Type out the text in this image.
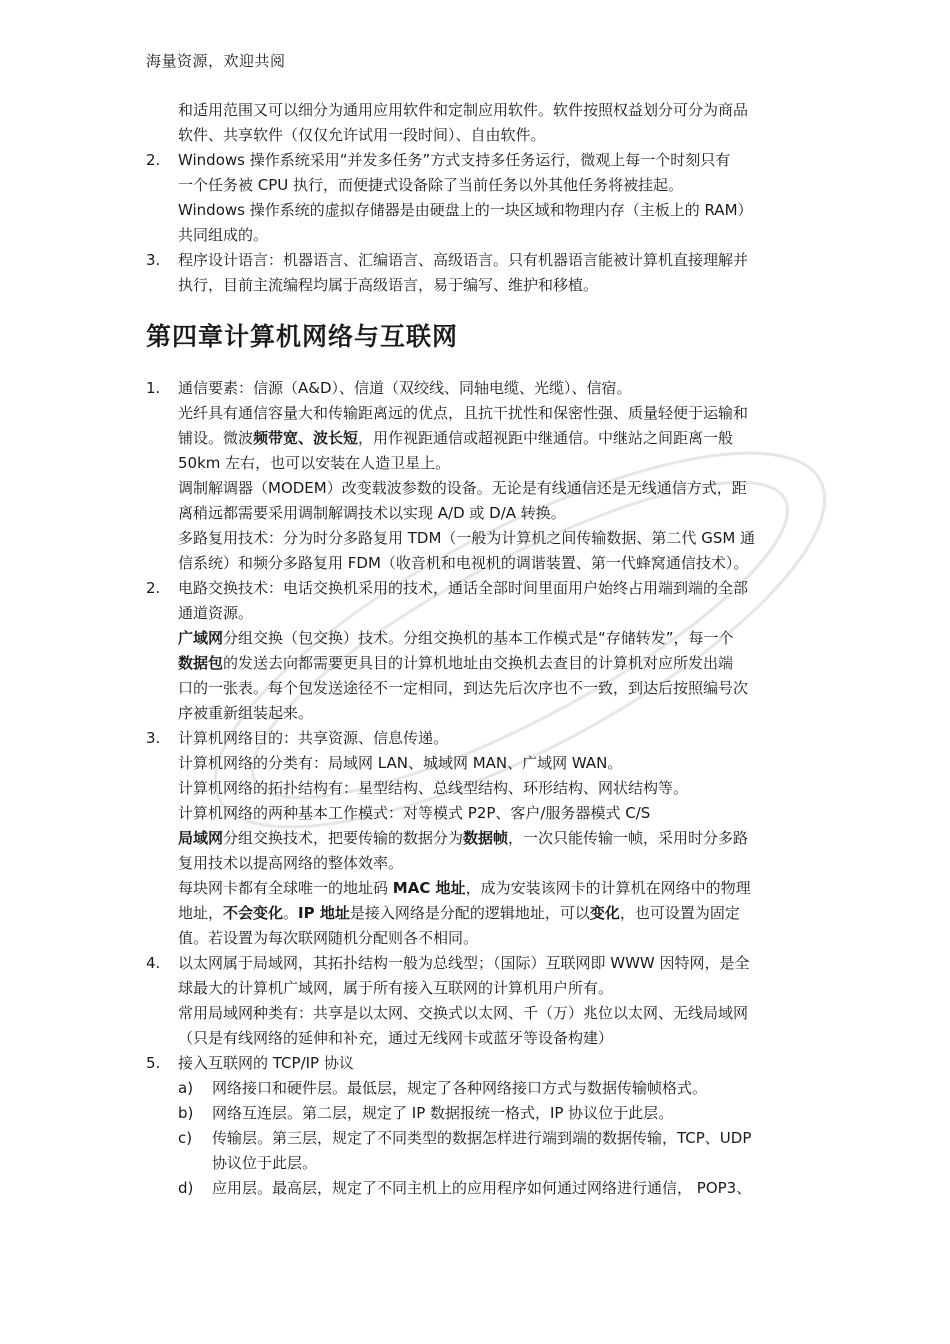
海量资源，欢迎共阅
和适用范围又可以细分为通用应用软件和定制应用软件。软件按照权益划分可分为商品
软件、共享软件（仅仅允许试用一段时间）、自由软件。
2. Windows 操作系统采用“并发多任务”方式支持多任务运行，微观上每一个时刻只有
一个任务被 CPU 执行，而便捷式设备除了当前任务以外其他任务将被挂起。
Windows 操作系统的虚拟存储器是由硬盘上的一块区域和物理内存（主板上的 RAM）
共同组成的。
3. 程序设计语言：机器语言、汇编语言、高级语言。只有机器语言能被计算机直接理解并
执行，目前主流编程均属于高级语言，易于编写、维护和移植。
第四章计算机网络与互联网
1. 通信要素：信源（A&D）、信道（双绞线、同轴电缆、光缆）、信宿。
光纤具有通信容量大和传输距离远的优点，且抗干扰性和保密性强、质量轻便于运输和
铺设。微波频带宽、波长短，用作视距通信或超视距中继通信。中继站之间距离一般
50km 左右，也可以安装在人造卫星上。
调制解调器（MODEM）改变载波参数的设备。无论是有线通信还是无线通信方式，距
离稍远都需要采用调制解调技术以实现 A/D 或 D/A 转换。
多路复用技术：分为时分多路复用 TDM（一般为计算机之间传输数据、第二代 GSM 通
信系统）和频分多路复用 FDM（收音机和电视机的调谐装置、第一代蜂窝通信技术）。
2. 电路交换技术：电话交换机采用的技术，通话全部时间里面用户始终占用端到端的全部
通道资源。
广域网分组交换（包交换）技术。分组交换机的基本工作模式是“存储转发”，每一个
数据包的发送去向都需要更具目的计算机地址由交换机去查目的计算机对应所发出端
口的一张表。每个包发送途径不一定相同，到达先后次序也不一致，到达后按照编号次
序被重新组装起来。
3. 计算机网络目的：共享资源、信息传递。
计算机网络的分类有：局域网 LAN、城域网 MAN、广域网 WAN。
计算机网络的拓扑结构有：星型结构、总线型结构、环形结构、网状结构等。
计算机网络的两种基本工作模式：对等模式 P2P、客户/服务器模式 C/S
局域网分组交换技术，把要传输的数据分为数据帧，一次只能传输一帧，采用时分多路
复用技术以提高网络的整体效率。
每块网卡都有全球唯一的地址码 MAC 地址，成为安装该网卡的计算机在网络中的物理
地址，不会变化。IP 地址是接入网络是分配的逻辑地址，可以变化，也可设置为固定
值。若设置为每次联网随机分配则各不相同。
4. 以太网属于局域网，其拓扑结构一般为总线型；（国际）互联网即 WWW 因特网，是全
球最大的计算机广域网，属于所有接入互联网的计算机用户所有。
常用局域网种类有：共享是以太网、交换式以太网、千（万）兆位以太网、无线局域网
（只是有线网络的延伸和补充，通过无线网卡或蓝牙等设备构建）
5. 接入互联网的 TCP/IP 协议
a) 网络接口和硬件层。最低层，规定了各种网络接口方式与数据传输帧格式。
b) 网络互连层。第二层，规定了 IP 数据报统一格式，IP 协议位于此层。
c) 传输层。第三层，规定了不同类型的数据怎样进行端到端的数据传输，TCP、UDP
协议位于此层。
d) 应用层。最高层，规定了不同主机上的应用程序如何通过网络进行通信， POP3、
